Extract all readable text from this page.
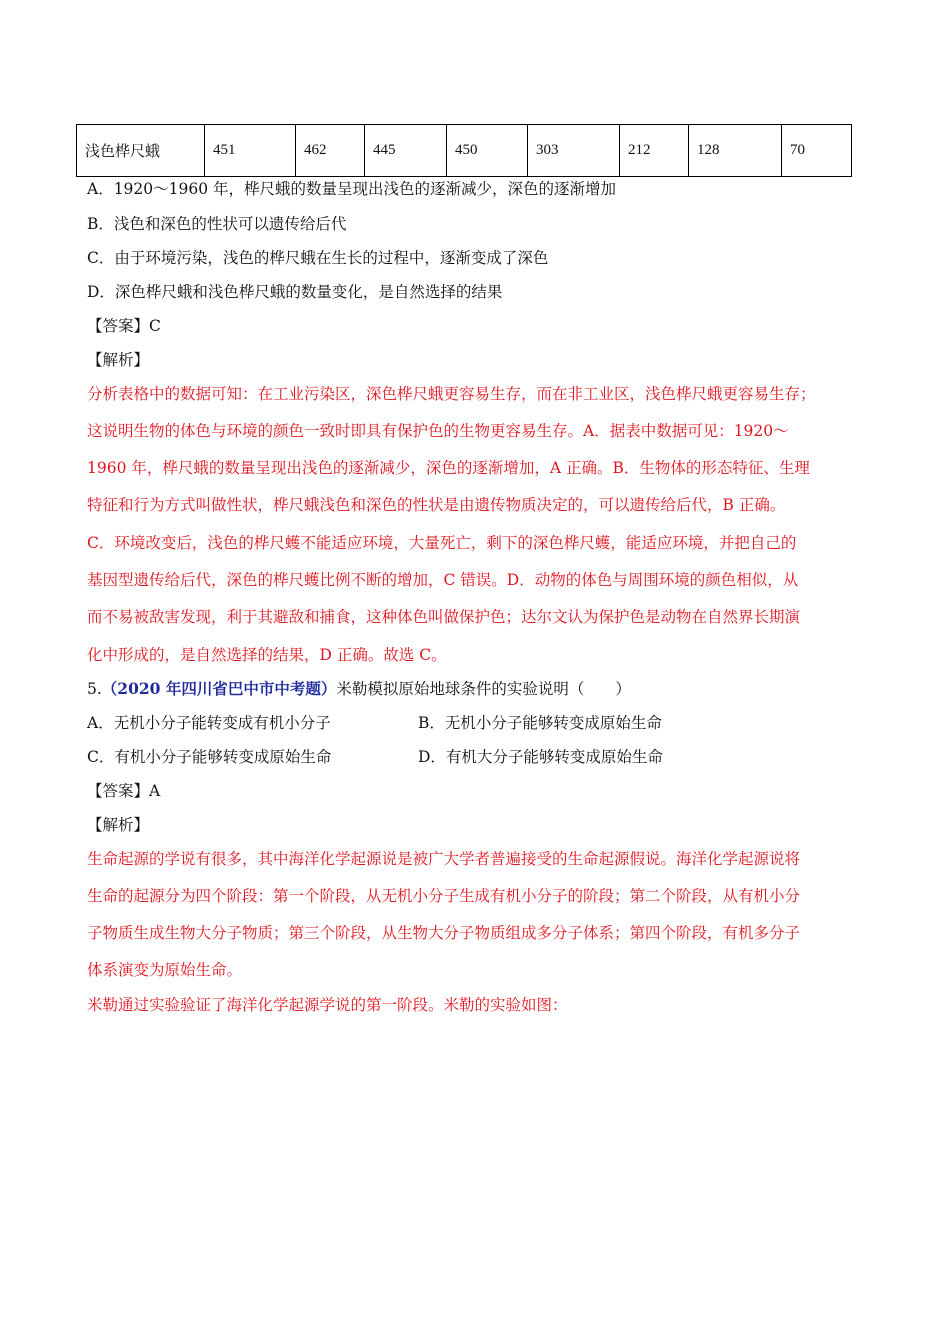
浅色桦尺蛾	451	462	445	450	303	212	128	70
A．1920～1960 年，桦尺蛾的数量呈现出浅色的逐渐减少，深色的逐渐增加
B．浅色和深色的性状可以遗传给后代
C．由于环境污染，浅色的桦尺蛾在生长的过程中，逐渐变成了深色
D．深色桦尺蛾和浅色桦尺蛾的数量变化，是自然选择的结果
【答案】C
【解析】
分析表格中的数据可知：在工业污染区，深色桦尺蛾更容易生存，而在非工业区，浅色桦尺蛾更容易生存；
这说明生物的体色与环境的颜色一致时即具有保护色的生物更容易生存。A．据表中数据可见：1920～
1960 年，桦尺蛾的数量呈现出浅色的逐渐减少，深色的逐渐增加，A 正确。B．生物体的形态特征、生理
特征和行为方式叫做性状，桦尺蛾浅色和深色的性状是由遗传物质决定的，可以遗传给后代，B 正确。
C．环境改变后，浅色的桦尺蠖不能适应环境，大量死亡，剩下的深色桦尺蠖，能适应环境，并把自己的
基因型遗传给后代，深色的桦尺蠖比例不断的增加，C 错误。D．动物的体色与周围环境的颜色相似，从
而不易被敌害发现，利于其避敌和捕食，这种体色叫做保护色；达尔文认为保护色是动物在自然界长期演
化中形成的，是自然选择的结果，D 正确。故选 C。
5.（2020 年四川省巴中市中考题）米勒模拟原始地球条件的实验说明（　　）
A．无机小分子能转变成有机小分子	B．无机小分子能够转变成原始生命
C．有机小分子能够转变成原始生命	D．有机大分子能够转变成原始生命
【答案】A
【解析】
生命起源的学说有很多，其中海洋化学起源说是被广大学者普遍接受的生命起源假说。海洋化学起源说将
生命的起源分为四个阶段：第一个阶段，从无机小分子生成有机小分子的阶段；第二个阶段，从有机小分
子物质生成生物大分子物质；第三个阶段，从生物大分子物质组成多分子体系；第四个阶段，有机多分子
体系演变为原始生命。
米勒通过实验验证了海洋化学起源学说的第一阶段。米勒的实验如图：
